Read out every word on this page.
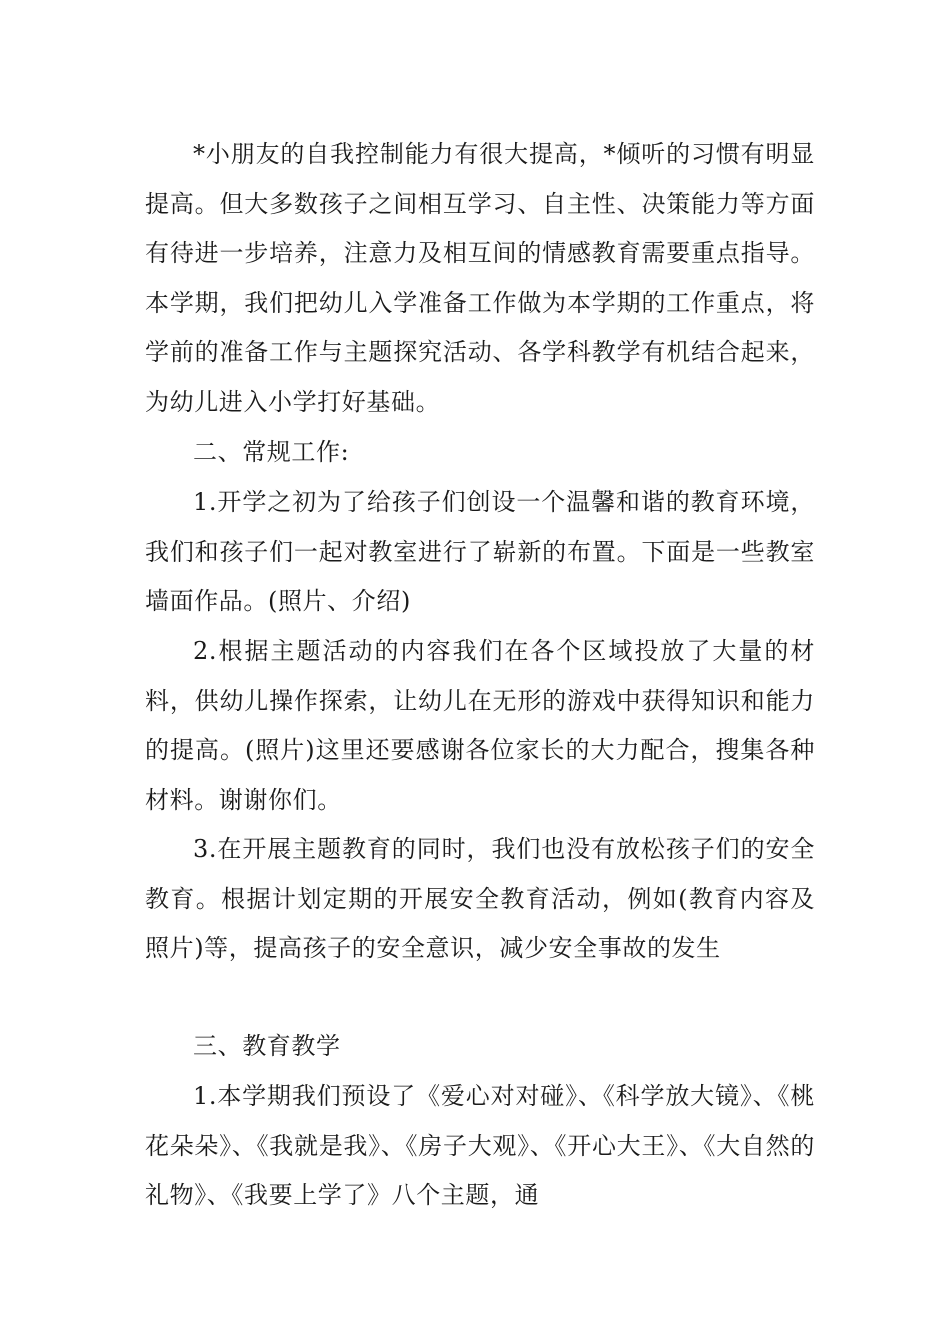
*小朋友的自我控制能力有很大提高，*倾听的习惯有明显提高。但大多数孩子之间相互学习、自主性、决策能力等方面有待进一步培养，注意力及相互间的情感教育需要重点指导。本学期，我们把幼儿入学准备工作做为本学期的工作重点，将学前的准备工作与主题探究活动、各学科教学有机结合起来，为幼儿进入小学打好基础。

二、常规工作:

1.开学之初为了给孩子们创设一个温馨和谐的教育环境，我们和孩子们一起对教室进行了崭新的布置。下面是一些教室墙面作品。(照片、介绍)

2.根据主题活动的内容我们在各个区域投放了大量的材料，供幼儿操作探索，让幼儿在无形的游戏中获得知识和能力的提高。(照片)这里还要感谢各位家长的大力配合，搜集各种材料。谢谢你们。

3.在开展主题教育的同时，我们也没有放松孩子们的安全教育。根据计划定期的开展安全教育活动，例如(教育内容及照片)等，提高孩子的安全意识，减少安全事故的发生

三、教育教学

1.本学期我们预设了《爱心对对碰》、《科学放大镜》、《桃花朵朵》、《我就是我》、《房子大观》、《开心大王》、《大自然的礼物》、《我要上学了》八个主题，通
